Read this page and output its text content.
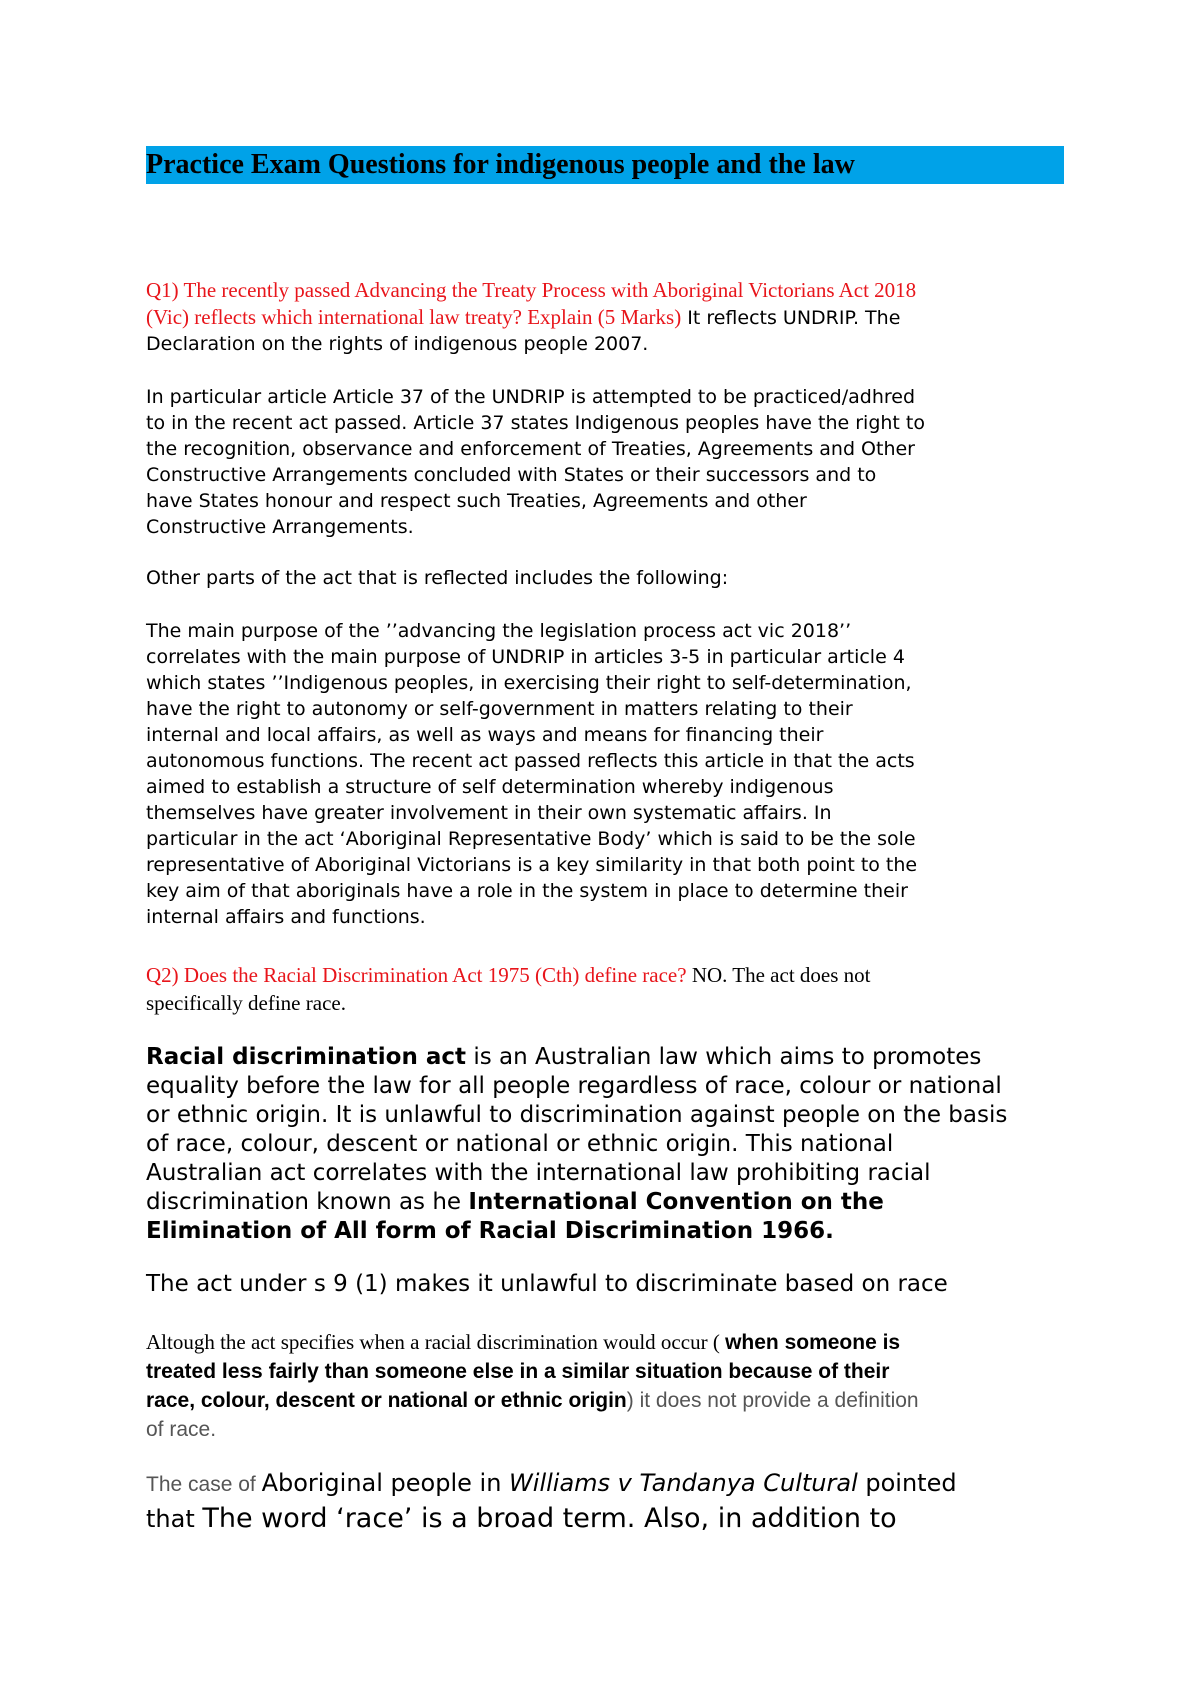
Practice Exam Questions for indigenous people and the law
Q1) The recently passed Advancing the Treaty Process with Aboriginal Victorians Act 2018
(Vic) reflects which international law treaty? Explain (5 Marks) It reflects UNDRIP. The
Declaration on the rights of indigenous people 2007.
In particular article Article 37 of the UNDRIP is attempted to be practiced/adhred
to in the recent act passed. Article 37 states Indigenous peoples have the right to
the recognition, observance and enforcement of Treaties, Agreements and Other
Constructive Arrangements concluded with States or their successors and to
have States honour and respect such Treaties, Agreements and other
Constructive Arrangements.
Other parts of the act that is reflected includes the following:
The main purpose of the ’’advancing the legislation process act vic 2018’’
correlates with the main purpose of UNDRIP in articles 3-5 in particular article 4
which states ’’Indigenous peoples, in exercising their right to self-determination,
have the right to autonomy or self-government in matters relating to their
internal and local affairs, as well as ways and means for financing their
autonomous functions. The recent act passed reflects this article in that the acts
aimed to establish a structure of self determination whereby indigenous
themselves have greater involvement in their own systematic affairs. In
particular in the act ‘Aboriginal Representative Body’ which is said to be the sole
representative of Aboriginal Victorians is a key similarity in that both point to the
key aim of that aboriginals have a role in the system in place to determine their
internal affairs and functions.
Q2) Does the Racial Discrimination Act 1975 (Cth) define race? NO. The act does not
specifically define race.
Racial discrimination act is an Australian law which aims to promotes
equality before the law for all people regardless of race, colour or national
or ethnic origin. It is unlawful to discrimination against people on the basis
of race, colour, descent or national or ethnic origin. This national
Australian act correlates with the international law prohibiting racial
discrimination known as he International Convention on the
Elimination of All form of Racial Discrimination 1966.
The act under s 9 (1) makes it unlawful to discriminate based on race
Altough the act specifies when a racial discrimination would occur ( when someone is
treated less fairly than someone else in a similar situation because of their
race, colour, descent or national or ethnic origin) it does not provide a definition
of race.
The case of Aboriginal people in Williams v Tandanya Cultural pointed
that The word ‘race’ is a broad term. Also, in addition to
